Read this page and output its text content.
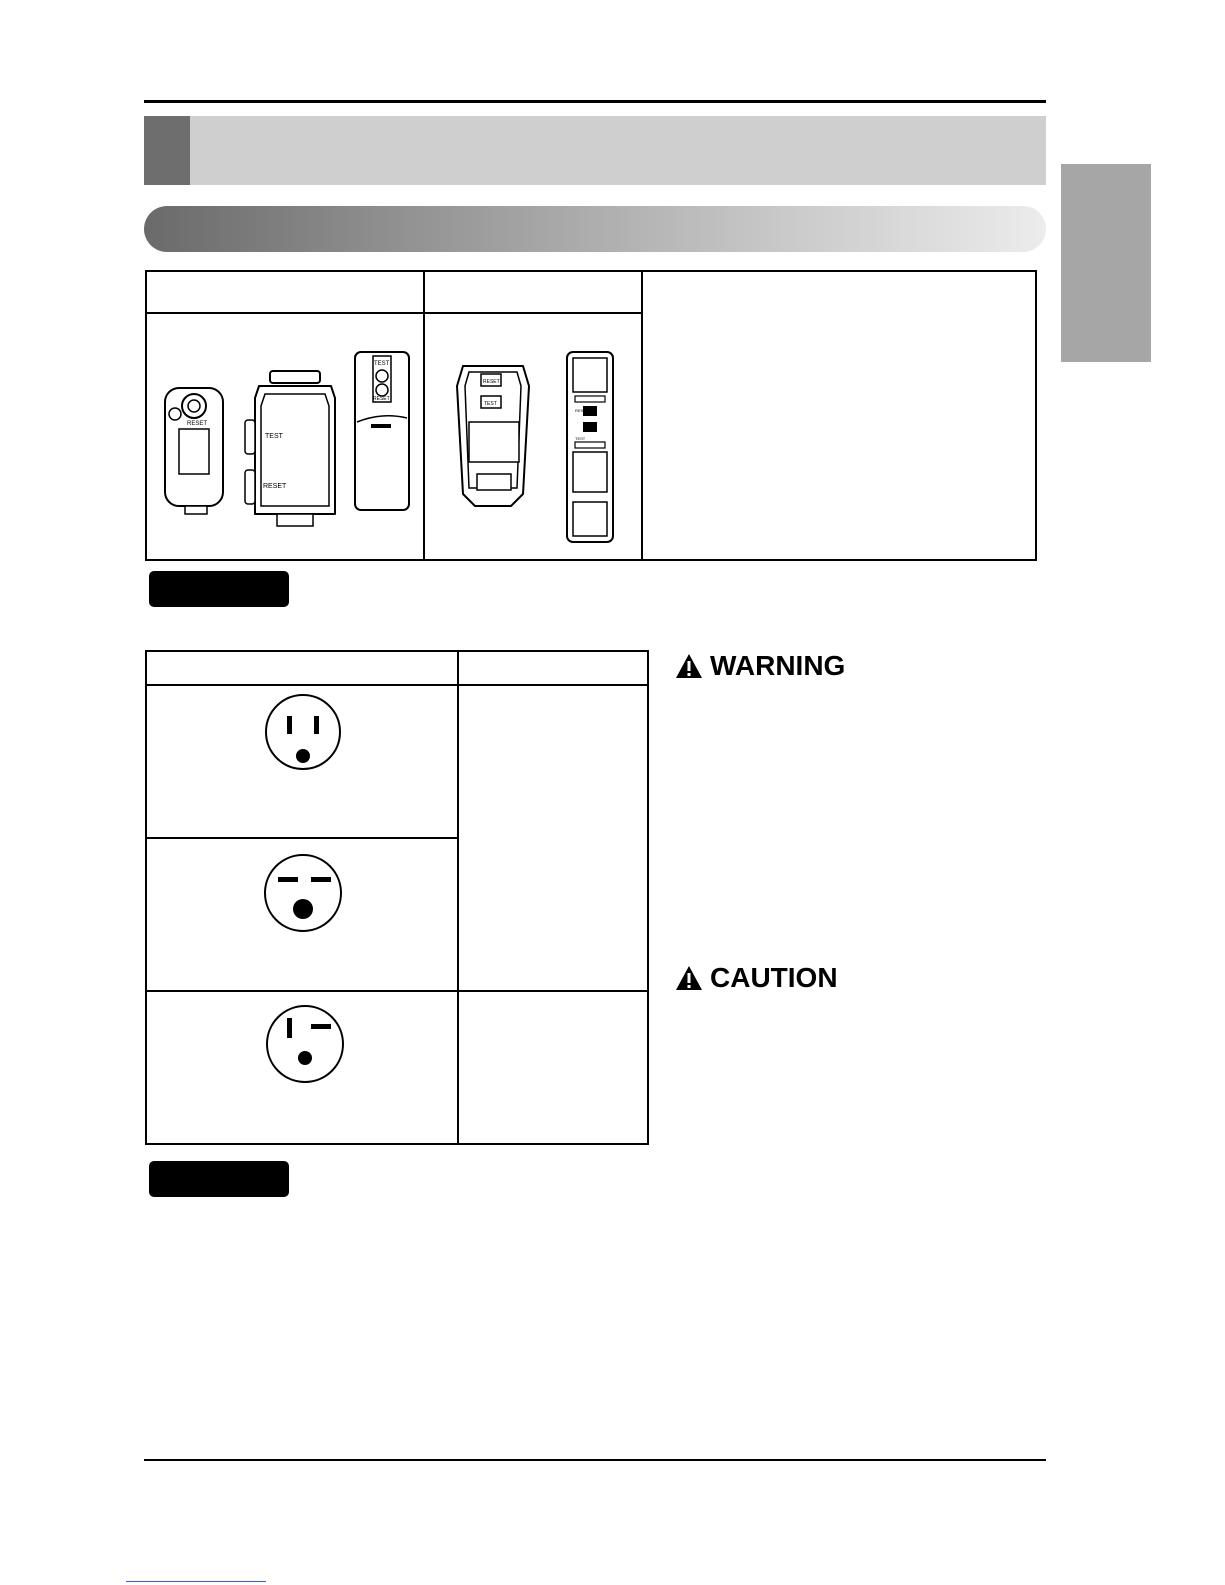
RESET
TEST
RESET
TEST
RESET	RESET
TEST
RESET
TEST	

WARNING
CAUTION
